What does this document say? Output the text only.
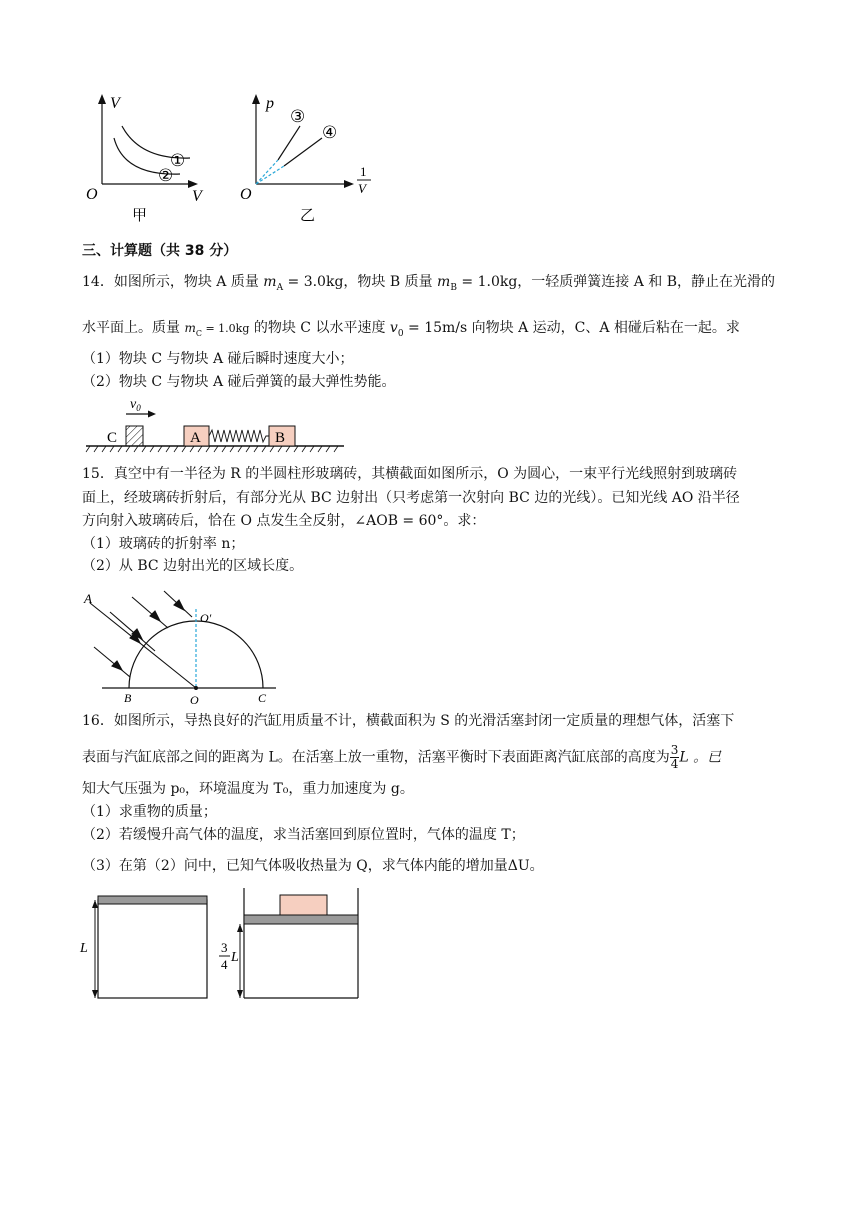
V
①
②
O	V
甲
p
③
④
O
1
V
乙
三、计算题（共 38 分）
14．如图所示，物块 A 质量 $m_A = 3.0kg$，物块 B 质量 $m_B = 1.0kg$，一轻质弹簧连接 A 和 B，静止在光滑的
水平面上。质量 $m_C = 1.0kg$ 的物块 C 以水平速度 $v_0 = 15m/s$ 向物块 A 运动，C、A 相碰后粘在一起。求
（1）物块 C 与物块 A 碰后瞬时速度大小；
（2）物块 C 与物块 A 碰后弹簧的最大弹性势能。
C
$v_0$
A	B
15．真空中有一半径为 R 的半圆柱形玻璃砖，其横截面如图所示，O 为圆心，一束平行光线照射到玻璃砖
面上，经玻璃砖折射后，有部分光从 BC 边射出（只考虑第一次射向 BC 边的光线）。已知光线 AO 沿半径
方向射入玻璃砖后，恰在 O 点发生全反射，∠AOB = 60°。求：
（1）玻璃砖的折射率 n；
（2）从 BC 边射出光的区域长度。
A
O′
B	O	C
16．如图所示，导热良好的汽缸用质量不计，横截面积为 S 的光滑活塞封闭一定质量的理想气体，活塞下
表面与汽缸底部之间的距离为 L。在活塞上放一重物，活塞平衡时下表面距离汽缸底部的高度为 $\frac{3}{4}$ L 。已
知大气压强为 p₀，环境温度为 T₀，重力加速度为 g。
（1）求重物的质量；
（2）若缓慢升高气体的温度，求当活塞回到原位置时，气体的温度 T；
（3）在第（2）问中，已知气体吸收热量为 Q，求气体内能的增加量ΔU。
L	3
4 L
